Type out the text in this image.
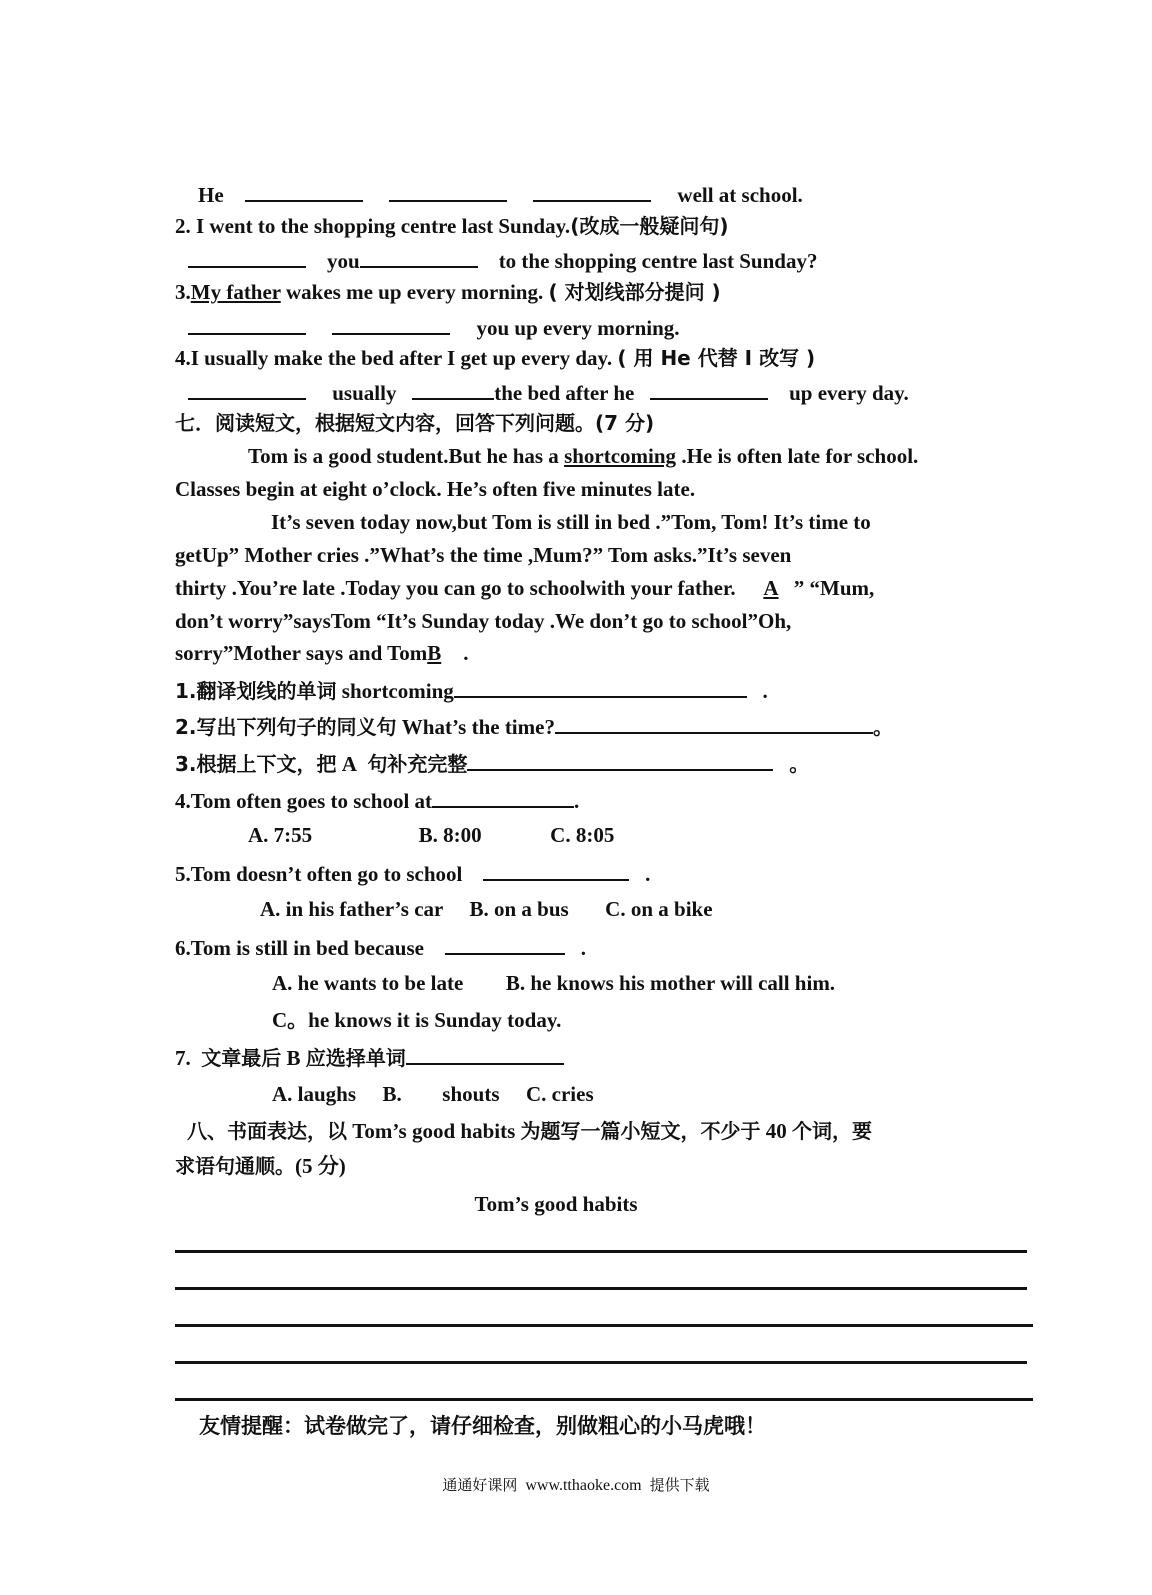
He	well at school.
2. I went to the shopping centre last Sunday.(改成一般疑问句)
you	to the shopping centre last Sunday?
3.My father wakes me up every morning. ( 对划线部分提问 )
you up every morning.
4.I usually make the bed after I get up every day. ( 用 He 代替 I 改写 )
usually	the bed after he	up every day.
七．阅读短文，根据短文内容，回答下列问题。(7 分)
Tom is a good student.But he has a shortcoming .He is often late for school.
Classes begin at eight o’clock. He’s often five minutes late.
It’s seven today now,but Tom is still in bed .”Tom, Tom! It’s time to
getUp” Mother cries .”What’s the time ,Mum?” Tom asks.”It’s seven
thirty .You’re late .Today you can go to schoolwith your father. A ” “Mum,
don’t worry”saysTom “It’s Sunday today .We don’t go to school”Oh,
sorry”Mother says and TomB .
1.翻译划线的单词 shortcoming	.
2.写出下列句子的同义句 What’s the time?	。
3.根据上下文，把 A 句补充完整	。
4.Tom often goes to school at	.
A. 7:55	B. 8:00	C. 8:05
5.Tom doesn’t often go to school	.
A. in his father’s car B. on a bus C. on a bike
6.Tom is still in bed because	.
A. he wants to be late B. he knows his mother will call him.
C。he knows it is Sunday today.
7. 文章最后 B 应选择单词
A. laughs B. shouts C. cries
八、书面表达，以 Tom’s good habits 为题写一篇小短文，不少于 40 个词，要
求语句通顺。(5 分)
Tom’s good habits
友情提醒：试卷做完了，请仔细检查，别做粗心的小马虎哦！
通通好课网 www.tthaoke.com 提供下载
